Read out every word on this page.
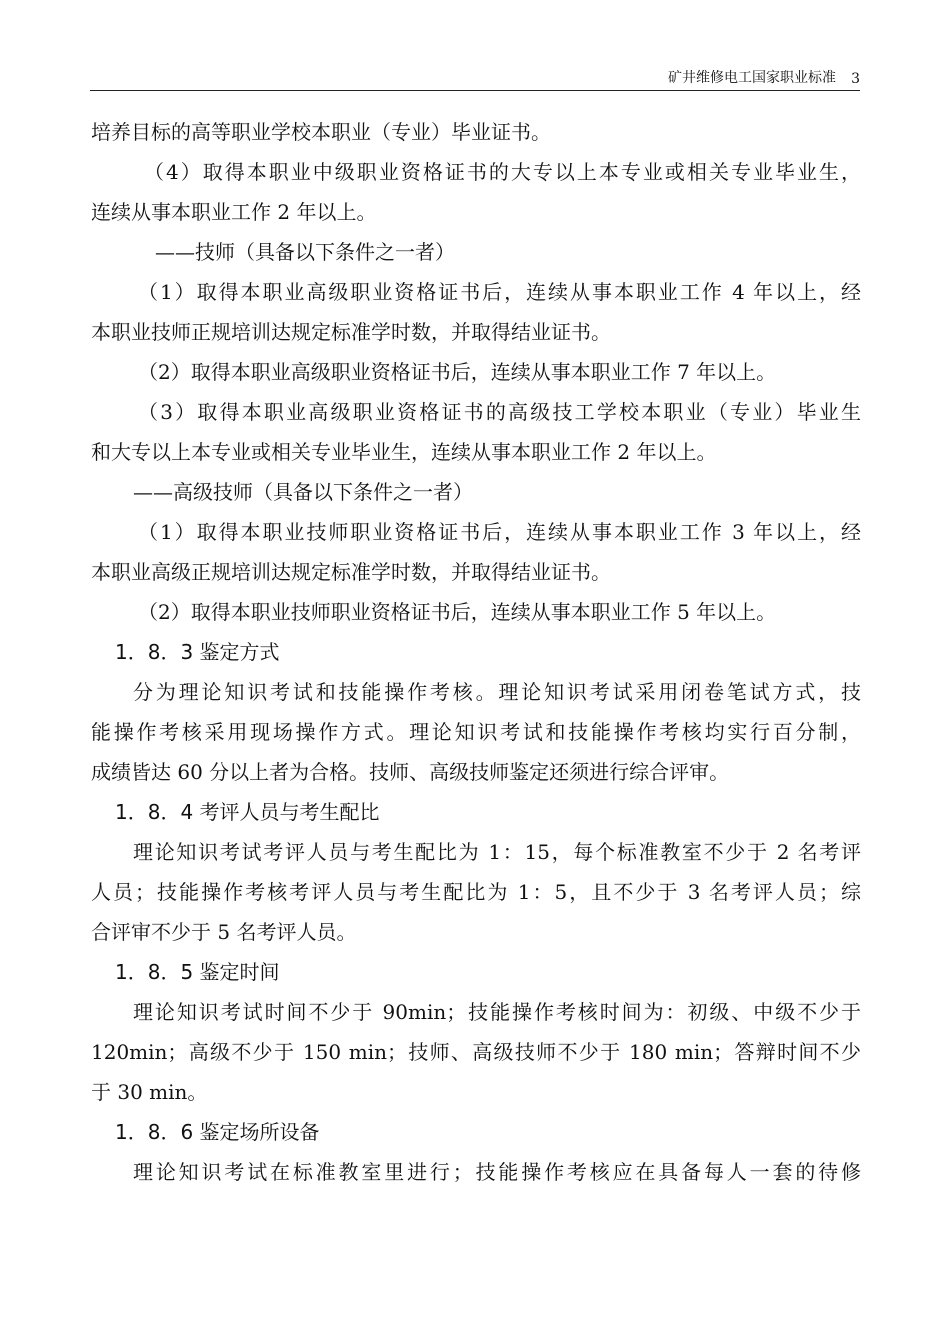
矿井维修电工国家职业标准 3
培养目标的高等职业学校本职业（专业）毕业证书。
（4）取得本职业中级职业资格证书的大专以上本专业或相关专业毕业生，
连续从事本职业工作 2 年以上。
——技师（具备以下条件之一者）
（1）取得本职业高级职业资格证书后，连续从事本职业工作 4 年以上，经
本职业技师正规培训达规定标准学时数，并取得结业证书。
（2）取得本职业高级职业资格证书后，连续从事本职业工作 7 年以上。
（3）取得本职业高级职业资格证书的高级技工学校本职业（专业）毕业生
和大专以上本专业或相关专业毕业生，连续从事本职业工作 2 年以上。
——高级技师（具备以下条件之一者）
（1）取得本职业技师职业资格证书后，连续从事本职业工作 3 年以上，经
本职业高级正规培训达规定标准学时数，并取得结业证书。
（2）取得本职业技师职业资格证书后，连续从事本职业工作 5 年以上。
1．8．3 鉴定方式
分为理论知识考试和技能操作考核。理论知识考试采用闭卷笔试方式，技
能操作考核采用现场操作方式。理论知识考试和技能操作考核均实行百分制，
成绩皆达 60 分以上者为合格。技师、高级技师鉴定还须进行综合评审。
1．8．4 考评人员与考生配比
理论知识考试考评人员与考生配比为 1：15，每个标准教室不少于 2 名考评
人员；技能操作考核考评人员与考生配比为 1：5，且不少于 3 名考评人员；综
合评审不少于 5 名考评人员。
1．8．5 鉴定时间
理论知识考试时间不少于 90min；技能操作考核时间为：初级、中级不少于
120min；高级不少于 150 min；技师、高级技师不少于 180 min；答辩时间不少
于 30 min。
1．8．6 鉴定场所设备
理论知识考试在标准教室里进行；技能操作考核应在具备每人一套的待修
